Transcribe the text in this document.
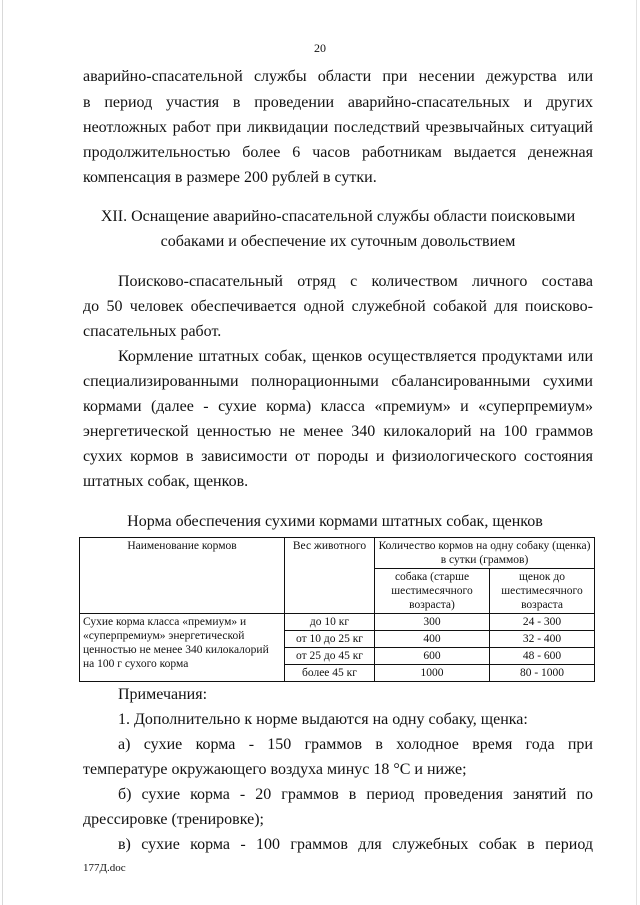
20
аварийно-спасательной службы области при несении дежурства или
в период участия в проведении аварийно-спасательных и других
неотложных работ при ликвидации последствий чрезвычайных ситуаций
продолжительностью более 6 часов работникам выдается денежная
компенсация в размере 200 рублей в сутки.
XII. Оснащение аварийно-спасательной службы области поисковыми
собаками и обеспечение их суточным довольствием
Поисково-спасательный отряд с количеством личного состава
до 50 человек обеспечивается одной служебной собакой для поисково-
спасательных работ.
Кормление штатных собак, щенков осуществляется продуктами или
специализированными полнорационными сбалансированными сухими
кормами (далее - сухие корма) класса «премиум» и «суперпремиум»
энергетической ценностью не менее 340 килокалорий на 100 граммов
сухих кормов в зависимости от породы и физиологического состояния
штатных собак, щенков.
Норма обеспечения сухими кормами штатных собак, щенков
Наименование кормов	Вес животного	Количество кормов на одну собаку (щенка) в сутки (граммов)	
		собака (старше шестимесячного возраста)	щенок до шестимесячного возраста
Сухие корма класса «премиум» и «суперпремиум» энергетической ценностью не менее 340 килокалорий на 100 г сухого корма	до 10 кг	300	24 - 300
	от 10 до 25 кг	400	32 - 400
	от 25 до 45 кг	600	48 - 600
	более 45 кг	1000	80 - 1000
Примечания:
1. Дополнительно к норме выдаются на одну собаку, щенка:
а) сухие корма - 150 граммов в холодное время года при
температуре окружающего воздуха минус 18 °С и ниже;
б) сухие корма - 20 граммов в период проведения занятий по
дрессировке (тренировке);
в) сухие корма - 100 граммов для служебных собак в период
177Д.doc
